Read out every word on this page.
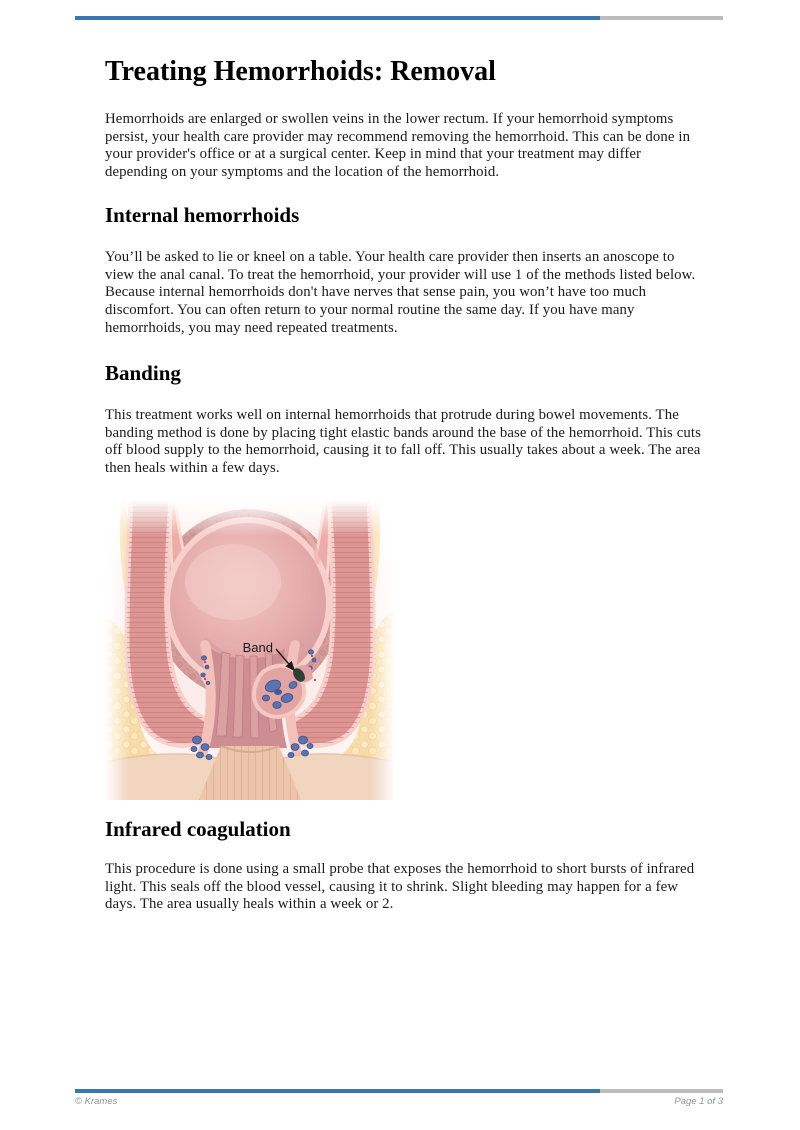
Treating Hemorrhoids: Removal

Hemorrhoids are enlarged or swollen veins in the lower rectum. If your hemorrhoid symptoms persist, your health care provider may recommend removing the hemorrhoid. This can be done in your provider's office or at a surgical center. Keep in mind that your treatment may differ depending on your symptoms and the location of the hemorrhoid.

Internal hemorrhoids

You’ll be asked to lie or kneel on a table. Your health care provider then inserts an anoscope to view the anal canal. To treat the hemorrhoid, your provider will use 1 of the methods listed below. Because internal hemorrhoids don't have nerves that sense pain, you won’t have too much discomfort. You can often return to your normal routine the same day. If you have many hemorrhoids, you may need repeated treatments.

Banding

This treatment works well on internal hemorrhoids that protrude during bowel movements. The banding method is done by placing tight elastic bands around the base of the hemorrhoid. This cuts off blood supply to the hemorrhoid, causing it to fall off. This usually takes about a week. The area then heals within a few days.

Band
Infrared coagulation

This procedure is done using a small probe that exposes the hemorrhoid to short bursts of infrared light. This seals off the blood vessel, causing it to shrink. Slight bleeding may happen for a few days. The area usually heals within a week or 2.

© Krames	Page 1 of 3
